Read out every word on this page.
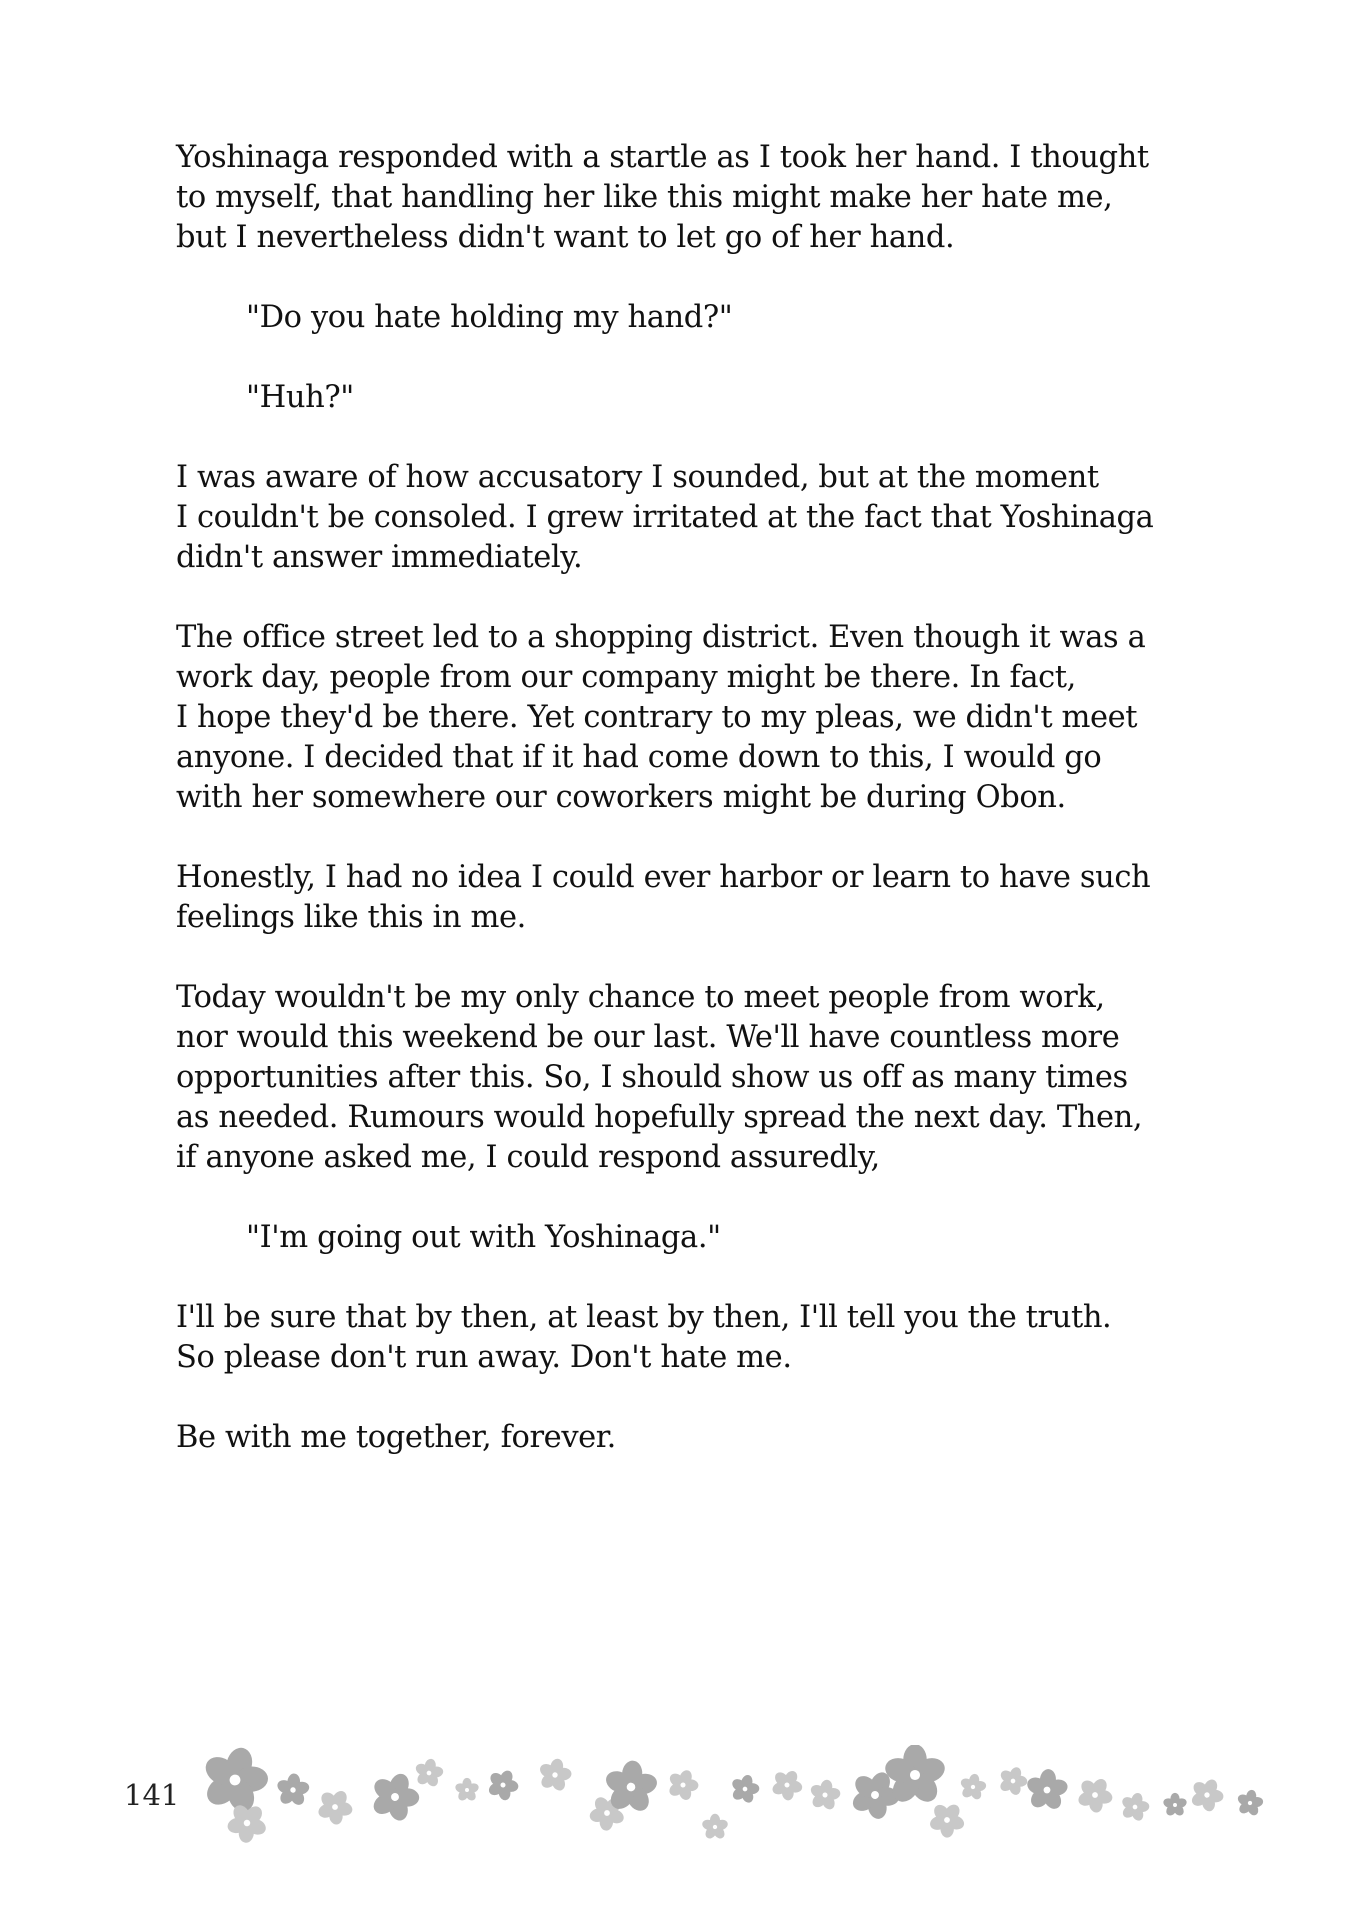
Yoshinaga responded with a startle as I took her hand. I thought
to myself, that handling her like this might make her hate me,
but I nevertheless didn't want to let go of her hand.

"Do you hate holding my hand?"

"Huh?"

I was aware of how accusatory I sounded, but at the moment
I couldn't be consoled. I grew irritated at the fact that Yoshinaga
didn't answer immediately.

The office street led to a shopping district. Even though it was a
work day, people from our company might be there. In fact,
I hope they'd be there. Yet contrary to my pleas, we didn't meet
anyone. I decided that if it had come down to this, I would go
with her somewhere our coworkers might be during Obon.

Honestly, I had no idea I could ever harbor or learn to have such
feelings like this in me.

Today wouldn't be my only chance to meet people from work,
nor would this weekend be our last. We'll have countless more
opportunities after this. So, I should show us off as many times
as needed. Rumours would hopefully spread the next day. Then,
if anyone asked me, I could respond assuredly,

"I'm going out with Yoshinaga."

I'll be sure that by then, at least by then, I'll tell you the truth.
So please don't run away. Don't hate me.

Be with me together, forever.

141
